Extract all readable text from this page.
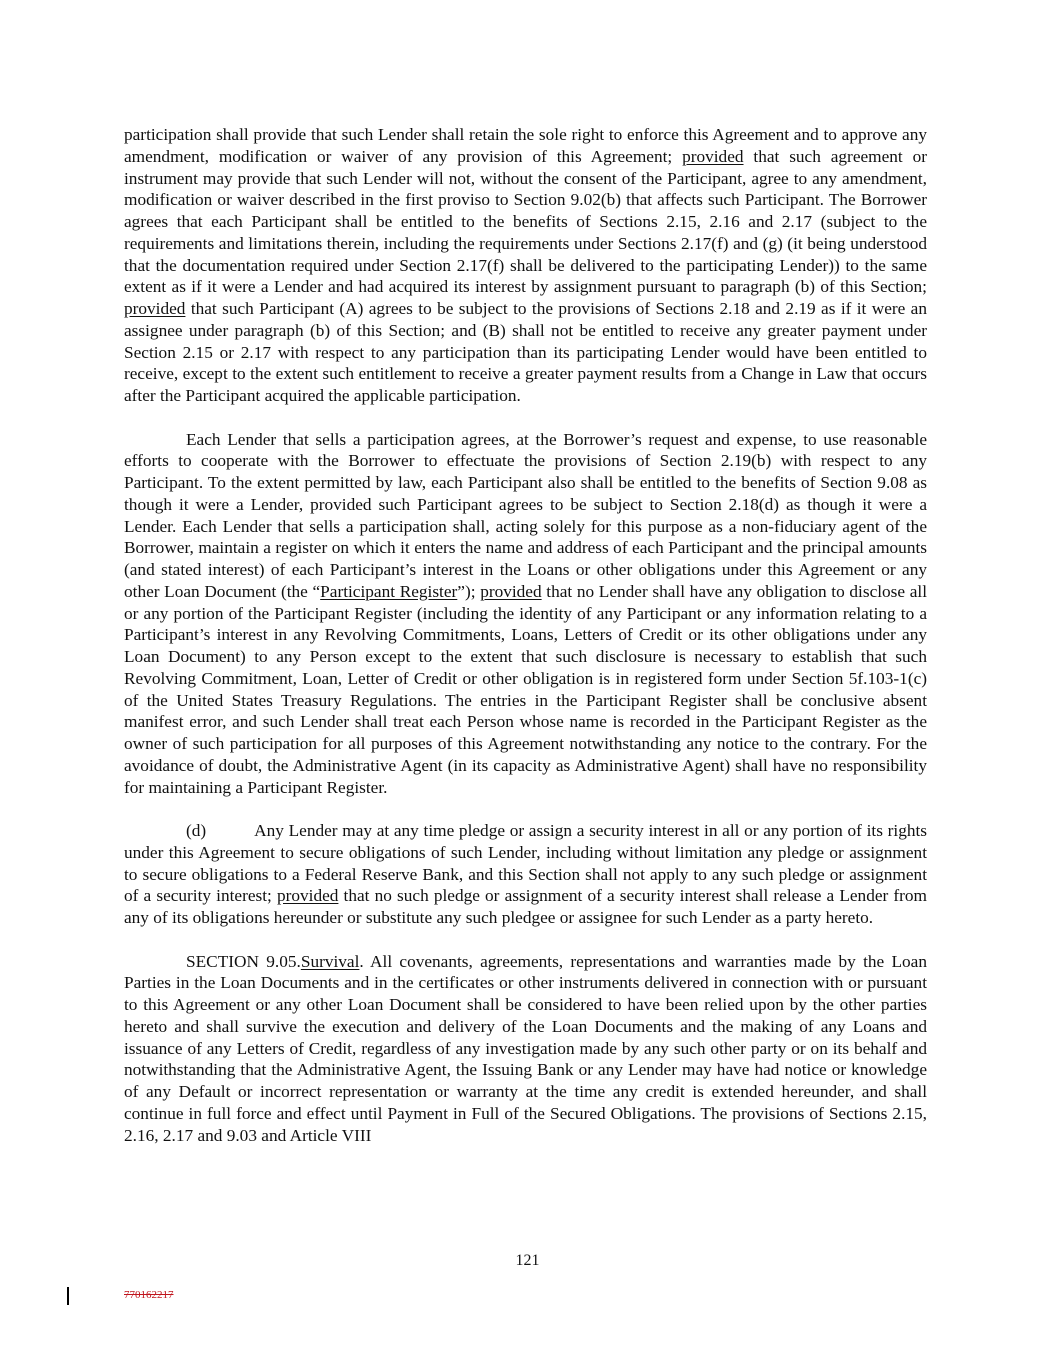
participation shall provide that such Lender shall retain the sole right to enforce this Agreement and to approve any amendment, modification or waiver of any provision of this Agreement; provided that such agreement or instrument may provide that such Lender will not, without the consent of the Participant, agree to any amendment, modification or waiver described in the first proviso to Section 9.02(b) that affects such Participant. The Borrower agrees that each Participant shall be entitled to the benefits of Sections 2.15, 2.16 and 2.17 (subject to the requirements and limitations therein, including the requirements under Sections 2.17(f) and (g) (it being understood that the documentation required under Section 2.17(f) shall be delivered to the participating Lender)) to the same extent as if it were a Lender and had acquired its interest by assignment pursuant to paragraph (b) of this Section; provided that such Participant (A) agrees to be subject to the provisions of Sections 2.18 and 2.19 as if it were an assignee under paragraph (b) of this Section; and (B) shall not be entitled to receive any greater payment under Section 2.15 or 2.17 with respect to any participation than its participating Lender would have been entitled to receive, except to the extent such entitlement to receive a greater payment results from a Change in Law that occurs after the Participant acquired the applicable participation.

Each Lender that sells a participation agrees, at the Borrower’s request and expense, to use reasonable efforts to cooperate with the Borrower to effectuate the provisions of Section 2.19(b) with respect to any Participant. To the extent permitted by law, each Participant also shall be entitled to the benefits of Section 9.08 as though it were a Lender, provided such Participant agrees to be subject to Section 2.18(d) as though it were a Lender. Each Lender that sells a participation shall, acting solely for this purpose as a non-fiduciary agent of the Borrower, maintain a register on which it enters the name and address of each Participant and the principal amounts (and stated interest) of each Participant’s interest in the Loans or other obligations under this Agreement or any other Loan Document (the “Participant Register”); provided that no Lender shall have any obligation to disclose all or any portion of the Participant Register (including the identity of any Participant or any information relating to a Participant’s interest in any Revolving Commitments, Loans, Letters of Credit or its other obligations under any Loan Document) to any Person except to the extent that such disclosure is necessary to establish that such Revolving Commitment, Loan, Letter of Credit or other obligation is in registered form under Section 5f.103-1(c) of the United States Treasury Regulations. The entries in the Participant Register shall be conclusive absent manifest error, and such Lender shall treat each Person whose name is recorded in the Participant Register as the owner of such participation for all purposes of this Agreement notwithstanding any notice to the contrary. For the avoidance of doubt, the Administrative Agent (in its capacity as Administrative Agent) shall have no responsibility for maintaining a Participant Register.

(d)	Any Lender may at any time pledge or assign a security interest in all or any portion of its rights under this Agreement to secure obligations of such Lender, including without limitation any pledge or assignment to secure obligations to a Federal Reserve Bank, and this Section shall not apply to any such pledge or assignment of a security interest; provided that no such pledge or assignment of a security interest shall release a Lender from any of its obligations hereunder or substitute any such pledgee or assignee for such Lender as a party hereto.

SECTION 9.05.Survival. All covenants, agreements, representations and warranties made by the Loan Parties in the Loan Documents and in the certificates or other instruments delivered in connection with or pursuant to this Agreement or any other Loan Document shall be considered to have been relied upon by the other parties hereto and shall survive the execution and delivery of the Loan Documents and the making of any Loans and issuance of any Letters of Credit, regardless of any investigation made by any such other party or on its behalf and notwithstanding that the Administrative Agent, the Issuing Bank or any Lender may have had notice or knowledge of any Default or incorrect representation or warranty at the time any credit is extended hereunder, and shall continue in full force and effect until Payment in Full of the Secured Obligations. The provisions of Sections 2.15, 2.16, 2.17 and 9.03 and Article VIII

121
770162217
